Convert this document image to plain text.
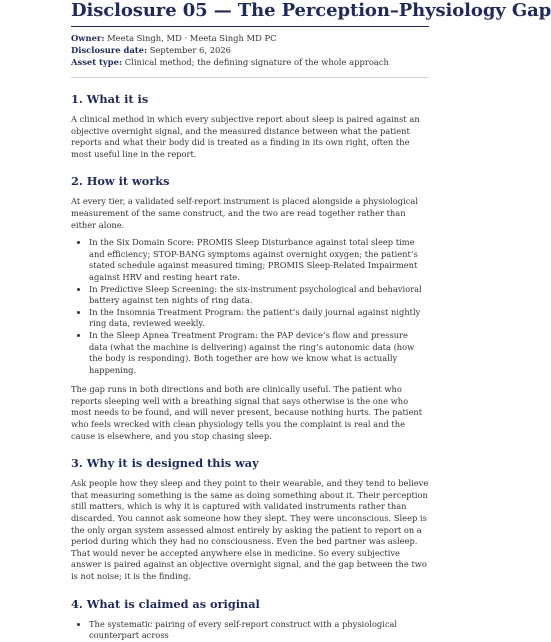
Disclosure 05 — The Perception–Physiology Gap
Owner: Meeta Singh, MD · Meeta Singh MD PC
Disclosure date: September 6, 2026
Asset type: Clinical method; the defining signature of the whole approach
1. What it is

A clinical method in which every subjective report about sleep is paired against an objective overnight signal, and the measured distance between what the patient reports and what their body did is treated as a finding in its own right, often the most useful line in the report.

2. How it works

At every tier, a validated self-report instrument is placed alongside a physiological measurement of the same construct, and the two are read together rather than either alone.

• In the Six Domain Score: PROMIS Sleep Disturbance against total sleep time and efficiency; STOP-BANG symptoms against overnight oxygen; the patient’s stated schedule against measured timing; PROMIS Sleep-Related Impairment against HRV and resting heart rate.
• In Predictive Sleep Screening: the six-instrument psychological and behavioral battery against ten nights of ring data.
• In the Insomnia Treatment Program: the patient’s daily journal against nightly ring data, reviewed weekly.
• In the Sleep Apnea Treatment Program: the PAP device’s flow and pressure data (what the machine is delivering) against the ring’s autonomic data (how the body is responding). Both together are how we know what is actually happening.

The gap runs in both directions and both are clinically useful. The patient who reports sleeping well with a breathing signal that says otherwise is the one who most needs to be found, and will never present, because nothing hurts. The patient who feels wrecked with clean physiology tells you the complaint is real and the cause is elsewhere, and you stop chasing sleep.

3. Why it is designed this way

Ask people how they sleep and they point to their wearable, and they tend to believe that measuring something is the same as doing something about it. Their perception still matters, which is why it is captured with validated instruments rather than discarded. You cannot ask someone how they slept. They were unconscious. Sleep is the only organ system assessed almost entirely by asking the patient to report on a period during which they had no consciousness. Even the bed partner was asleep. That would never be accepted anywhere else in medicine. So every subjective answer is paired against an objective overnight signal, and the gap between the two is not noise; it is the finding.

4. What is claimed as original
• The systematic pairing of every self-report construct with a physiological counterpart across
